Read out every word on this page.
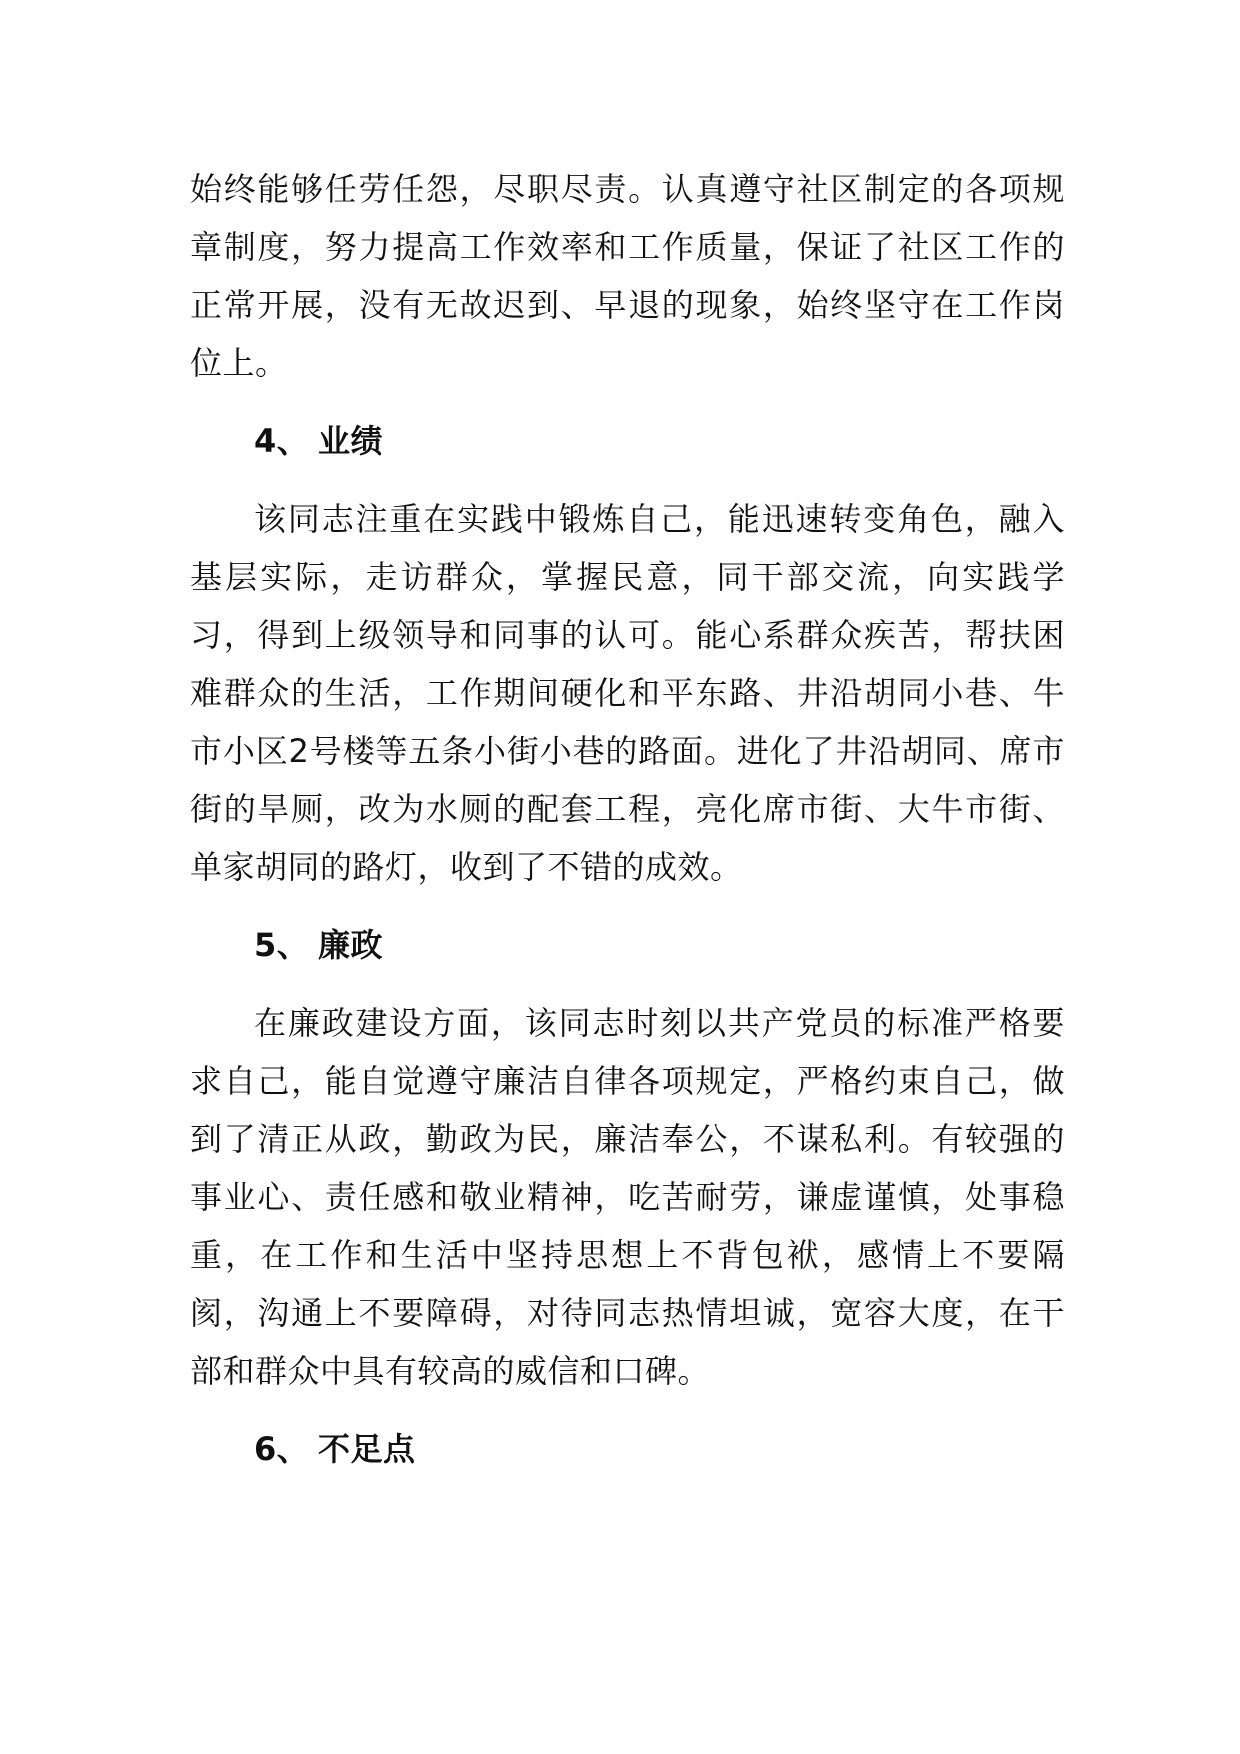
始终能够任劳任怨，尽职尽责。认真遵守社区制定的各项规章制度，努力提高工作效率和工作质量，保证了社区工作的正常开展，没有无故迟到、早退的现象，始终坚守在工作岗位上。

4、 业绩

该同志注重在实践中锻炼自己，能迅速转变角色，融入基层实际，走访群众，掌握民意，同干部交流，向实践学习，得到上级领导和同事的认可。能心系群众疾苦，帮扶困难群众的生活，工作期间硬化和平东路、井沿胡同小巷、牛市小区2号楼等五条小街小巷的路面。进化了井沿胡同、席市街的旱厕，改为水厕的配套工程，亮化席市街、大牛市街、单家胡同的路灯，收到了不错的成效。

5、 廉政

在廉政建设方面，该同志时刻以共产党员的标准严格要求自己，能自觉遵守廉洁自律各项规定，严格约束自己，做到了清正从政，勤政为民，廉洁奉公，不谋私利。有较强的事业心、责任感和敬业精神，吃苦耐劳，谦虚谨慎，处事稳重，在工作和生活中坚持思想上不背包袱，感情上不要隔阂，沟通上不要障碍，对待同志热情坦诚，宽容大度，在干部和群众中具有较高的威信和口碑。

6、 不足点
